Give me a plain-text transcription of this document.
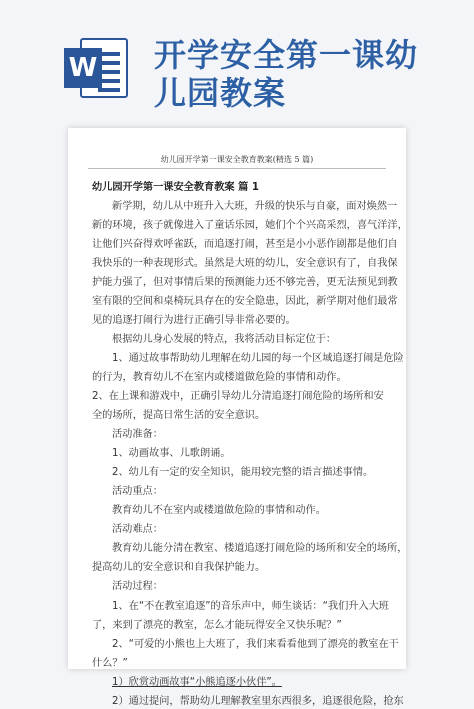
W 开学安全第一课幼
儿园教案
幼儿园开学第一课安全教育教案(精选 5 篇)

幼儿园开学第一课安全教育教案 篇 1

新学期，幼儿从中班升入大班，升级的快乐与自豪，面对焕然一

新的环境，孩子就像进入了童话乐园，她们个个兴高采烈，喜气洋洋，

让他们兴奋得欢呼雀跃，而追逐打闹，甚至是小小恶作剧都是他们自

我快乐的一种表现形式。虽然是大班的幼儿，安全意识有了，自我保

护能力强了，但对事情后果的预测能力还不够完善，更无法预见到教

室有限的空间和桌椅玩具存在的安全隐患，因此，新学期对他们最常

见的追逐打闹行为进行正确引导非常必要的。

根据幼儿身心发展的特点，我将活动目标定位于：

1、通过故事帮助幼儿理解在幼儿园的每一个区域追逐打闹是危险

的行为，教育幼儿不在室内或楼道做危险的事情和动作。

2、在上课和游戏中，正确引导幼儿分清追逐打闹危险的场所和安

全的场所，提高日常生活的安全意识。

活动准备：

1、动画故事、儿歌朗诵。

2、幼儿有一定的安全知识，能用较完整的语言描述事情。

活动重点：

教育幼儿不在室内或楼道做危险的事情和动作。

活动难点：

教育幼儿能分清在教室、楼道追逐打闹危险的场所和安全的场所，

提高幼儿的安全意识和自我保护能力。

活动过程：

1、在“不在教室追逐”的音乐声中，师生谈话：“我们升入大班

了，来到了漂亮的教室，怎么才能玩得安全又快乐呢？”

2、“可爱的小熊也上大班了，我们来看看他到了漂亮的教室在干

什么？”

1）欣赏动画故事“小熊追逐小伙伴”。

2）通过提问，帮助幼儿理解教室里东西很多，追逐很危险，抢东
